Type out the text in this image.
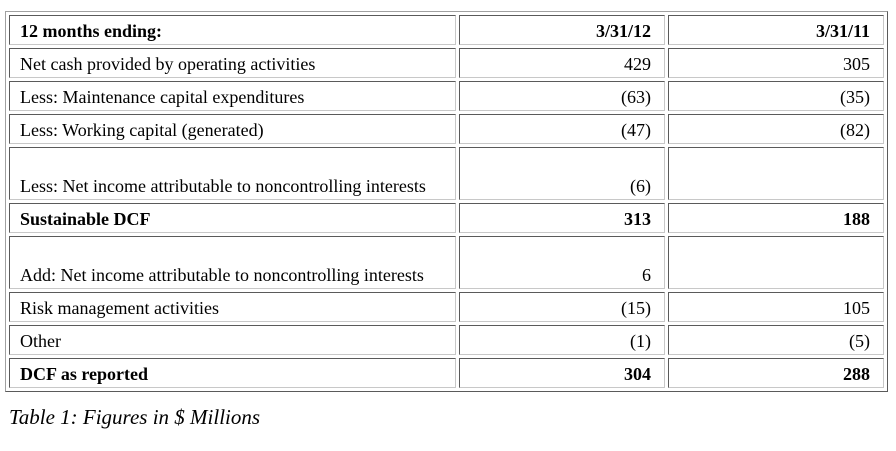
12 months ending:	3/31/12	3/31/11
Net cash provided by operating activities	429	305
Less: Maintenance capital expenditures	(63)	(35)
Less: Working capital (generated)	(47)	(82)
Less: Net income attributable to noncontrolling interests	(6)	
Sustainable DCF	313	188
Add: Net income attributable to noncontrolling interests	6	
Risk management activities	(15)	105
Other	(1)	(5)
DCF as reported	304	288
Table 1: Figures in $ Millions
